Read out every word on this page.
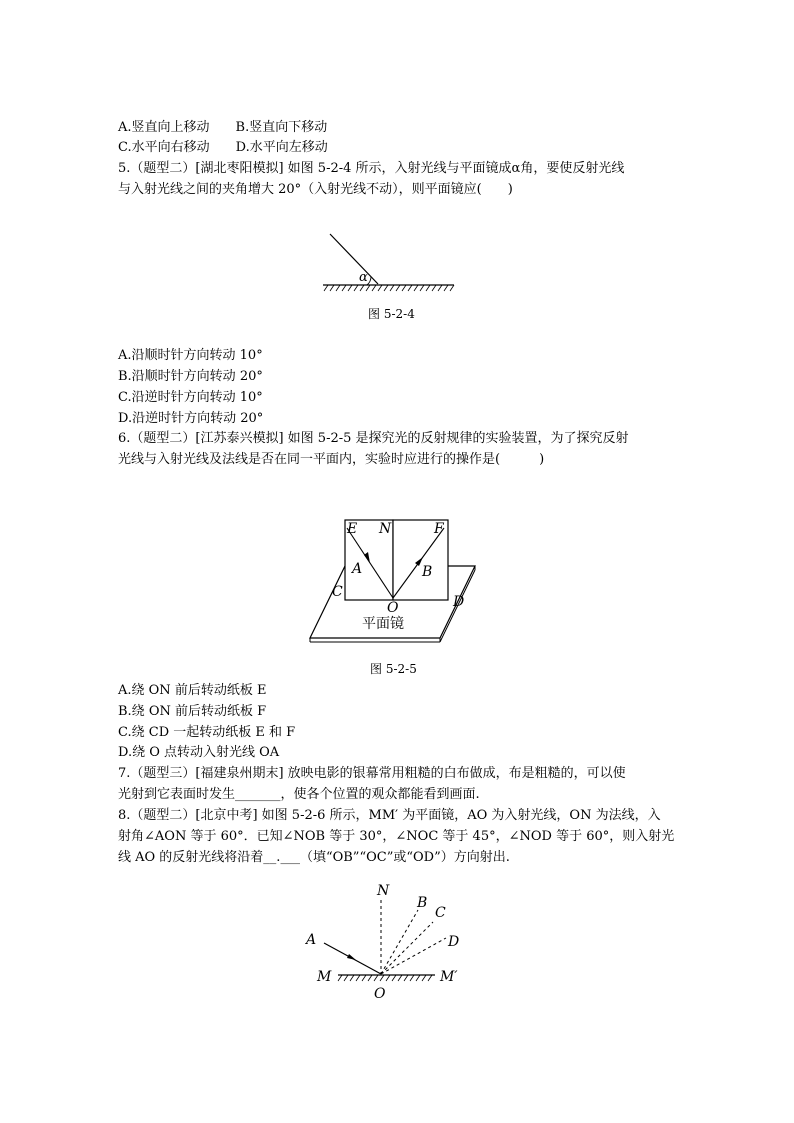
A.竖直向上移动　　B.竖直向下移动
C.水平向右移动　　D.水平向左移动
5.（题型二）[湖北枣阳模拟] 如图 5-2-4 所示，入射光线与平面镜成α角，要使反射光线
与入射光线之间的夹角增大 20°（入射光线不动），则平面镜应(　　)
α
图 5-2-4
A.沿顺时针方向转动 10°
B.沿顺时针方向转动 20°
C.沿逆时针方向转动 10°
D.沿逆时针方向转动 20°
6.（题型二）[江苏泰兴模拟] 如图 5-2-5 是探究光的反射规律的实验装置，为了探究反射
光线与入射光线及法线是否在同一平面内，实验时应进行的操作是(　　　)
E N	F
A	B
C
O	D
平面镜
图 5-2-5
A.绕 ON 前后转动纸板 E
B.绕 ON 前后转动纸板 F
C.绕 CD 一起转动纸板 E 和 F
D.绕 O 点转动入射光线 OA
7.（题型三）[福建泉州期末] 放映电影的银幕常用粗糙的白布做成，布是粗糙的，可以使
光射到它表面时发生_______，使各个位置的观众都能看到画面.
8.（题型二）[北京中考] 如图 5-2-6 所示，MM′ 为平面镜，AO 为入射光线，ON 为法线，入
射角∠AON 等于 60°．已知∠NOB 等于 30°，∠NOC 等于 45°，∠NOD 等于 60°，则入射光
线 AO 的反射光线将沿着__.___（填“OB”“OC”或“OD”）方向射出.
N
B
C
D
A
M	M′
O
